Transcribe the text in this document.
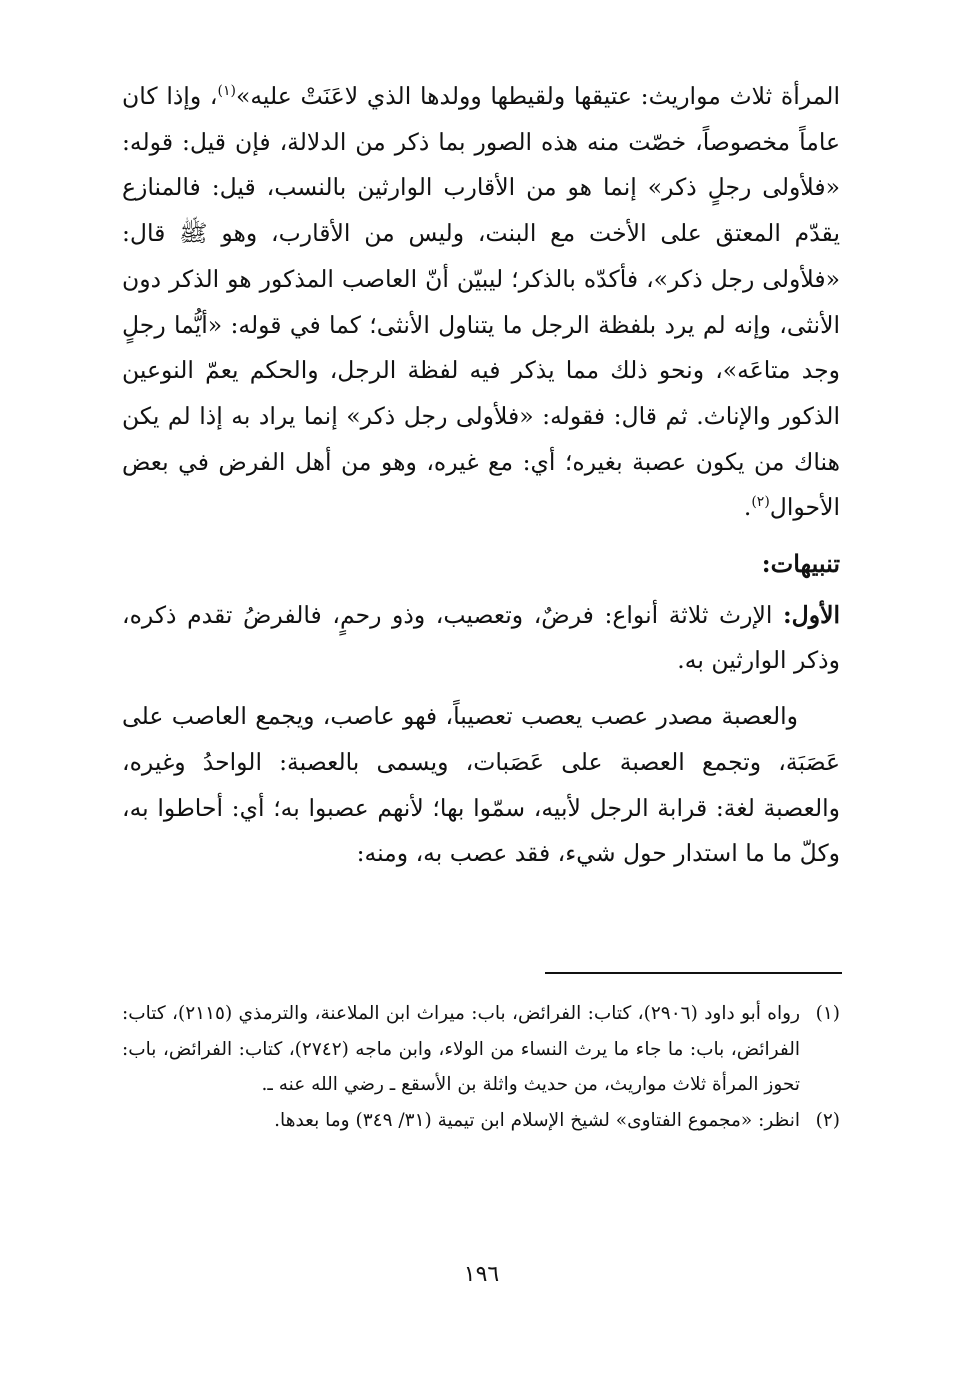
المرأة ثلاث مواريث: عتيقها ولقيطها وولدها الذي لاعَنَتْ عليه»$^{(١)}$، وإذا كان عاماً مخصوصاً، خصّت منه هذه الصور بما ذكر من الدلالة، فإن قيل: قوله: «فلأولى رجلٍ ذكر» إنما هو من الأقارب الوارثين بالنسب، قيل: فالمنازع يقدّم المعتق على الأخت مع البنت، وليس من الأقارب، وهو ﷺ قال: «فلأولى رجل ذكر»، فأكدّه بالذكر؛ ليبيّن أنّ العاصب المذكور هو الذكر دون الأنثى، وإنه لم يرد بلفظة الرجل ما يتناول الأنثى؛ كما في قوله: «أيُّما رجلٍ وجد متاعَه»، ونحو ذلك مما يذكر فيه لفظة الرجل، والحكم يعمّ النوعين الذكور والإناث. ثم قال: فقوله: «فلأولى رجل ذكر» إنما يراد به إذا لم يكن هناك من يكون عصبة بغيره؛ أي: مع غيره، وهو من أهل الفرض في بعض الأحوال$^{(٢)}$.

تنبيهات:

الأول: الإرث ثلاثة أنواع: فرضٌ، وتعصيب، وذو رحمٍ، فالفرضُ تقدم ذكره، وذكر الوارثين به.

والعصبة مصدر عصب يعصب تعصيباً، فهو عاصب، ويجمع العاصب على عَصَبَة، وتجمع العصبة على عَصَبات، ويسمى بالعصبة: الواحدُ وغيره، والعصبة لغة: قرابة الرجل لأبيه، سمّوا بها؛ لأنهم عصبوا به؛ أي: أحاطوا به، وكلّ ما ما استدار حول شيء، فقد عصب به، ومنه:

(١)
رواه أبو داود (٢٩٠٦)، كتاب: الفرائض، باب: ميراث ابن الملاعنة، والترمذي (٢١١٥)، كتاب: الفرائض، باب: ما جاء ما يرث النساء من الولاء، وابن ماجه (٢٧٤٢)، كتاب: الفرائض، باب: تحوز المرأة ثلاث مواريث، من حديث واثلة بن الأسقع ـ رضي الله عنه ـ.

(٢)
انظر: «مجموع الفتاوى» لشيخ الإسلام ابن تيمية (٣١/ ٣٤٩) وما بعدها.

١٩٦
